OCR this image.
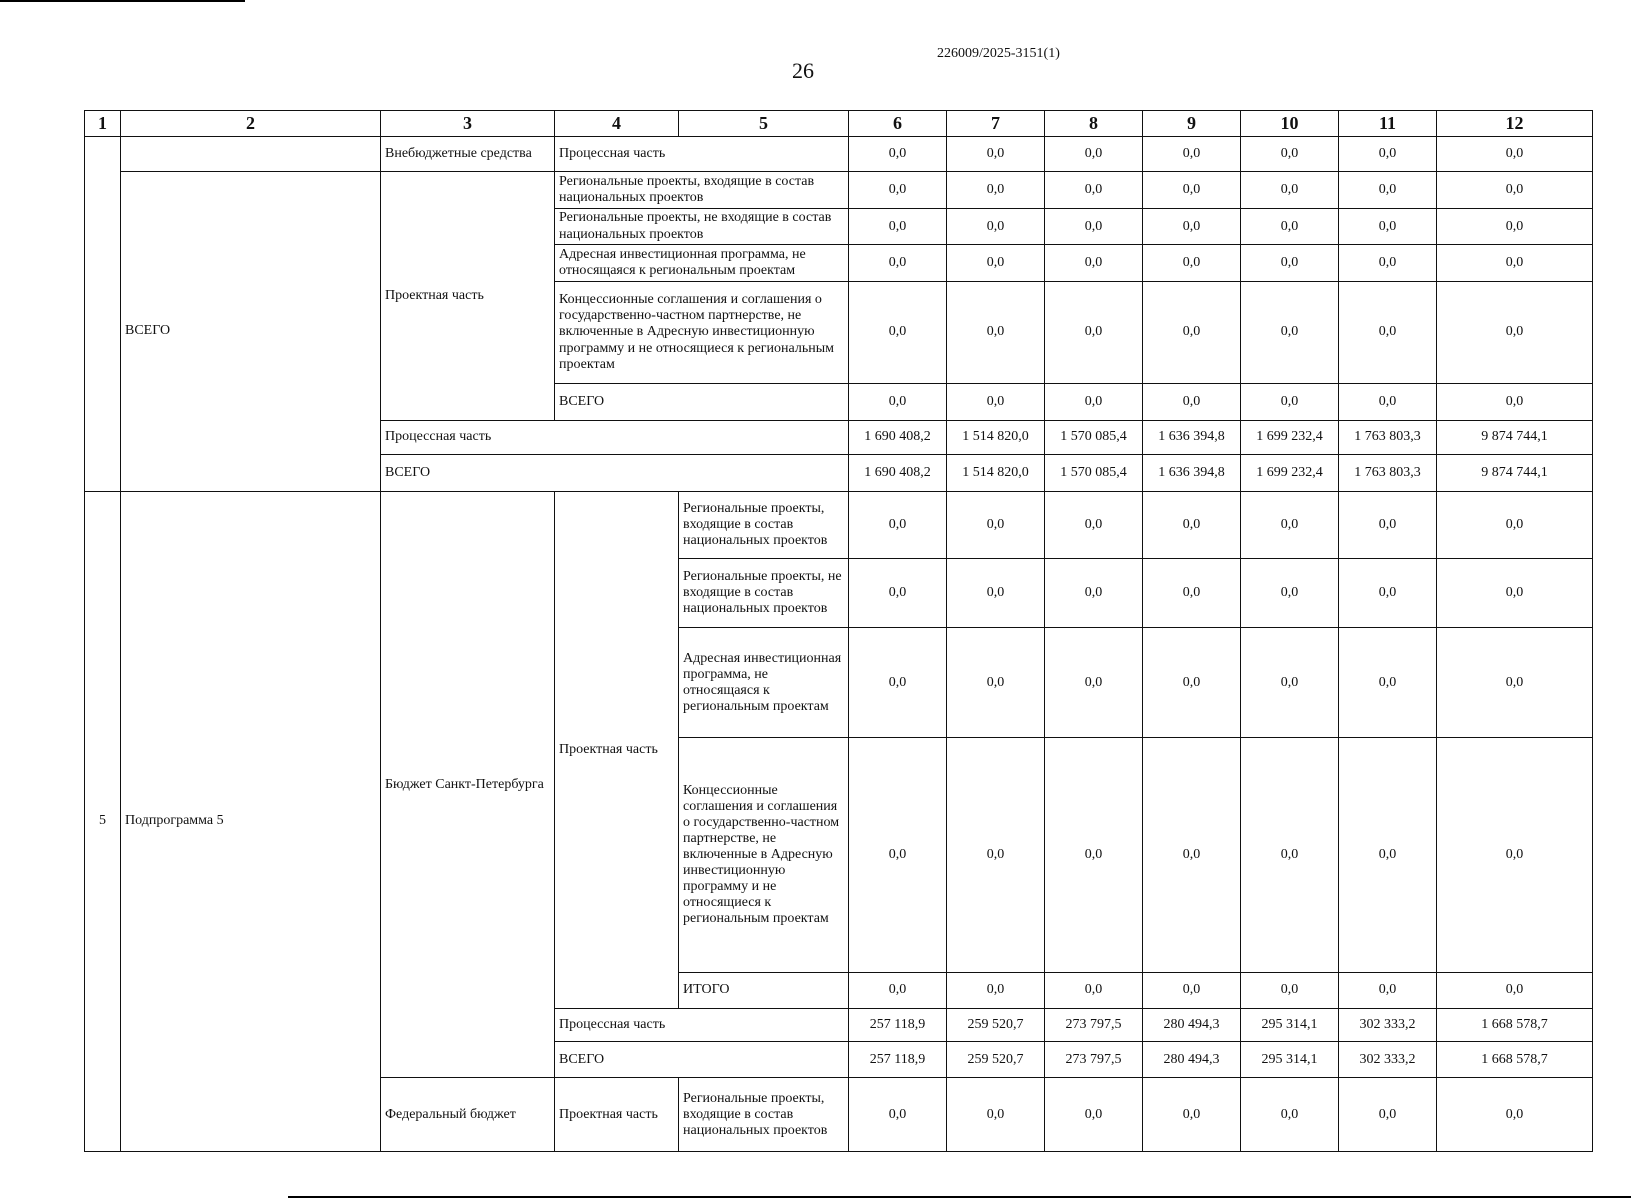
26
226009/2025-3151(1)
1	2	3	4	5	6	7	8	9	10	11	12
		Внебюджетные средства	Процессная часть		0,0	0,0	0,0	0,0	0,0	0,0	0,0
	ВСЕГО	Проектная часть	Региональные проекты, входящие в состав национальных проектов		0,0	0,0	0,0	0,0	0,0	0,0	0,0
			Региональные проекты, не входящие в состав национальных проектов		0,0	0,0	0,0	0,0	0,0	0,0	0,0
			Адресная инвестиционная программа, не относящаяся к региональным проектам		0,0	0,0	0,0	0,0	0,0	0,0	0,0
			Концессионные соглашения и соглашения о государственно-частном партнерстве, не включенные в Адресную инвестиционную программу и не относящиеся к региональным проектам		0,0	0,0	0,0	0,0	0,0	0,0	0,0
			ВСЕГО		0,0	0,0	0,0	0,0	0,0	0,0	0,0
		Процессная часть			1 690 408,2	1 514 820,0	1 570 085,4	1 636 394,8	1 699 232,4	1 763 803,3	9 874 744,1
		ВСЕГО			1 690 408,2	1 514 820,0	1 570 085,4	1 636 394,8	1 699 232,4	1 763 803,3	9 874 744,1
5	Подпрограмма 5	Бюджет Санкт-Петербурга	Проектная часть	Региональные проекты, входящие в состав национальных проектов	0,0	0,0	0,0	0,0	0,0	0,0	0,0
				Региональные проекты, не входящие в состав национальных проектов	0,0	0,0	0,0	0,0	0,0	0,0	0,0
				Адресная инвестиционная программа, не относящаяся к региональным проектам	0,0	0,0	0,0	0,0	0,0	0,0	0,0
				Концессионные соглашения и соглашения о государственно-частном партнерстве, не включенные в Адресную инвестиционную программу и не относящиеся к региональным проектам	0,0	0,0	0,0	0,0	0,0	0,0	0,0
				ИТОГО	0,0	0,0	0,0	0,0	0,0	0,0	0,0
			Процессная часть		257 118,9	259 520,7	273 797,5	280 494,3	295 314,1	302 333,2	1 668 578,7
			ВСЕГО		257 118,9	259 520,7	273 797,5	280 494,3	295 314,1	302 333,2	1 668 578,7
		Федеральный бюджет	Проектная часть	Региональные проекты, входящие в состав национальных проектов	0,0	0,0	0,0	0,0	0,0	0,0	0,0
